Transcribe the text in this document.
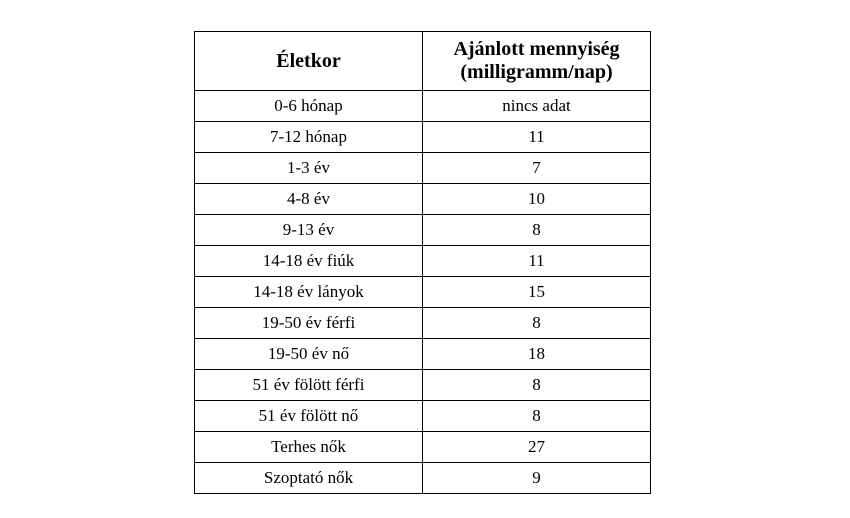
Életkor	Ajánlott mennyiség
(milligramm/nap)
0-6 hónap	nincs adat
7-12 hónap	11
1-3 év	7
4-8 év	10
9-13 év	8
14-18 év fiúk	11
14-18 év lányok	15
19-50 év férfi	8
19-50 év nő	18
51 év fölött férfi	8
51 év fölött nő	8
Terhes nők	27
Szoptató nők	9
